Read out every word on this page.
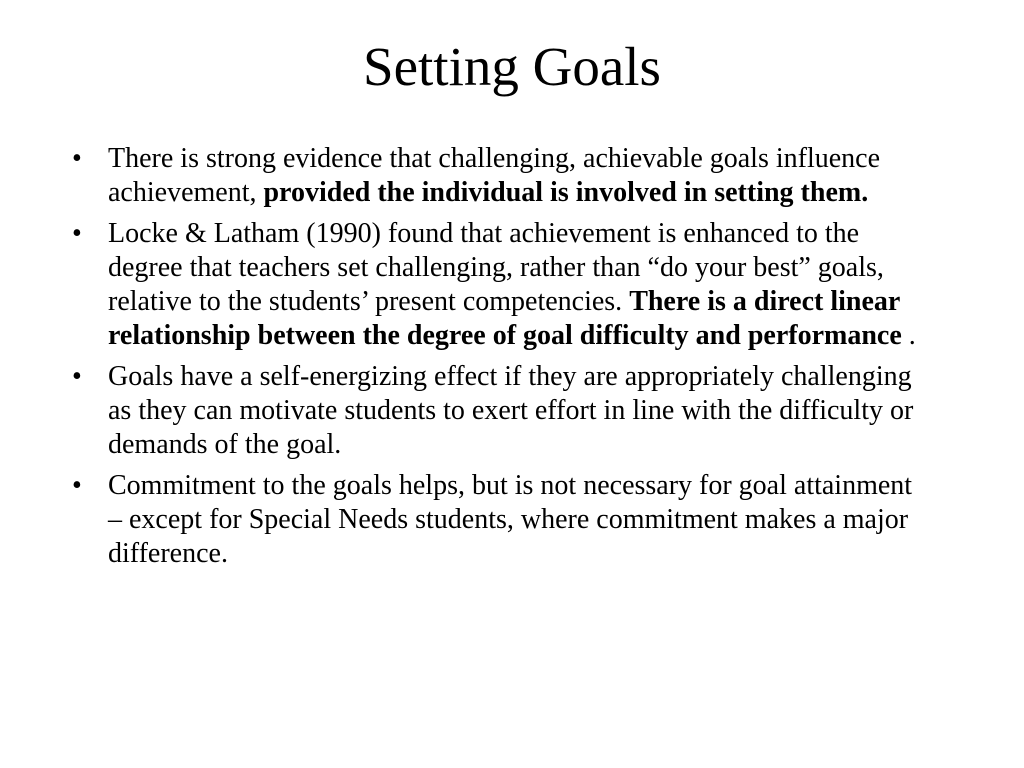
Setting Goals
• There is strong evidence that challenging, achievable goals influence achievement, provided the individual is involved in setting them.
• Locke & Latham (1990) found that achievement is enhanced to the degree that teachers set challenging, rather than “do your best” goals, relative to the students’ present competencies. There is a direct linear relationship between the degree of goal difficulty and performance .
• Goals have a self-energizing effect if they are appropriately challenging as they can motivate students to exert effort in line with the difficulty or demands of the goal.
• Commitment to the goals helps, but is not necessary for goal attainment – except for Special Needs students, where commitment makes a major difference.
